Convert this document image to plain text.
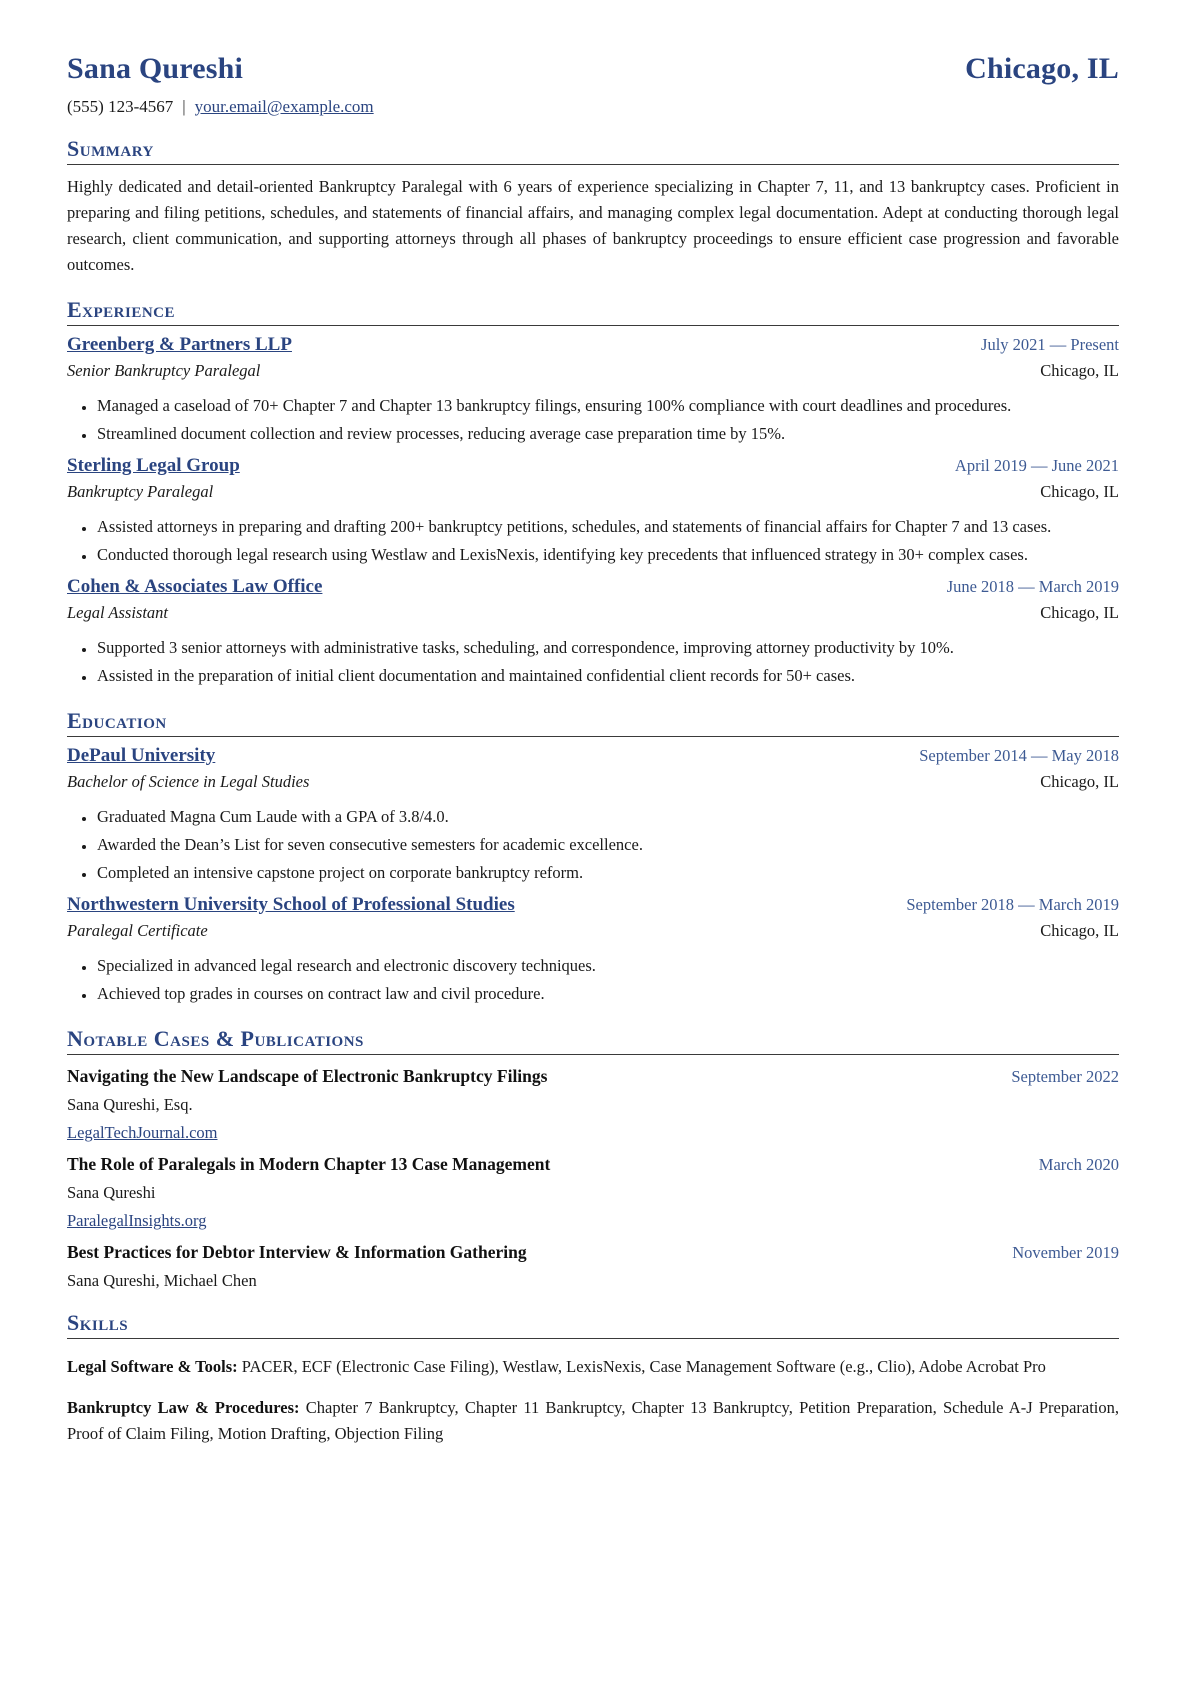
Sana Qureshi	Chicago, IL
(555) 123-4567 | your.email@example.com
Summary

Highly dedicated and detail-oriented Bankruptcy Paralegal with 6 years of experience specializing in Chapter 7, 11, and 13 bankruptcy cases. Proficient in preparing and filing petitions, schedules, and statements of financial affairs, and managing complex legal documentation. Adept at conducting thorough legal research, client communication, and supporting attorneys through all phases of bankruptcy proceedings to ensure efficient case progression and favorable outcomes.

Experience
Greenberg & Partners LLP	July 2021 — Present
Senior Bankruptcy Paralegal	Chicago, IL
• Managed a caseload of 70+ Chapter 7 and Chapter 13 bankruptcy filings, ensuring 100% compliance with court deadlines and procedures.
• Streamlined document collection and review processes, reducing average case preparation time by 15%.
Sterling Legal Group	April 2019 — June 2021
Bankruptcy Paralegal	Chicago, IL
• Assisted attorneys in preparing and drafting 200+ bankruptcy petitions, schedules, and statements of financial affairs for Chapter 7 and 13 cases.
• Conducted thorough legal research using Westlaw and LexisNexis, identifying key precedents that influenced strategy in 30+ complex cases.
Cohen & Associates Law Office	June 2018 — March 2019
Legal Assistant	Chicago, IL
• Supported 3 senior attorneys with administrative tasks, scheduling, and correspondence, improving attorney productivity by 10%.
• Assisted in the preparation of initial client documentation and maintained confidential client records for 50+ cases.
Education
DePaul University	September 2014 — May 2018
Bachelor of Science in Legal Studies	Chicago, IL
• Graduated Magna Cum Laude with a GPA of 3.8/4.0.
• Awarded the Dean’s List for seven consecutive semesters for academic excellence.
• Completed an intensive capstone project on corporate bankruptcy reform.
Northwestern University School of Professional Studies	September 2018 — March 2019
Paralegal Certificate	Chicago, IL
• Specialized in advanced legal research and electronic discovery techniques.
• Achieved top grades in courses on contract law and civil procedure.
Notable Cases & Publications
Navigating the New Landscape of Electronic Bankruptcy Filings	September 2022
Sana Qureshi, Esq.
LegalTechJournal.com
The Role of Paralegals in Modern Chapter 13 Case Management	March 2020
Sana Qureshi
ParalegalInsights.org
Best Practices for Debtor Interview & Information Gathering	November 2019
Sana Qureshi, Michael Chen
Skills

Legal Software & Tools: PACER, ECF (Electronic Case Filing), Westlaw, LexisNexis, Case Management Software (e.g., Clio), Adobe Acrobat Pro

Bankruptcy Law & Procedures: Chapter 7 Bankruptcy, Chapter 11 Bankruptcy, Chapter 13 Bankruptcy, Petition Preparation, Schedule A-J Preparation, Proof of Claim Filing, Motion Drafting, Objection Filing
